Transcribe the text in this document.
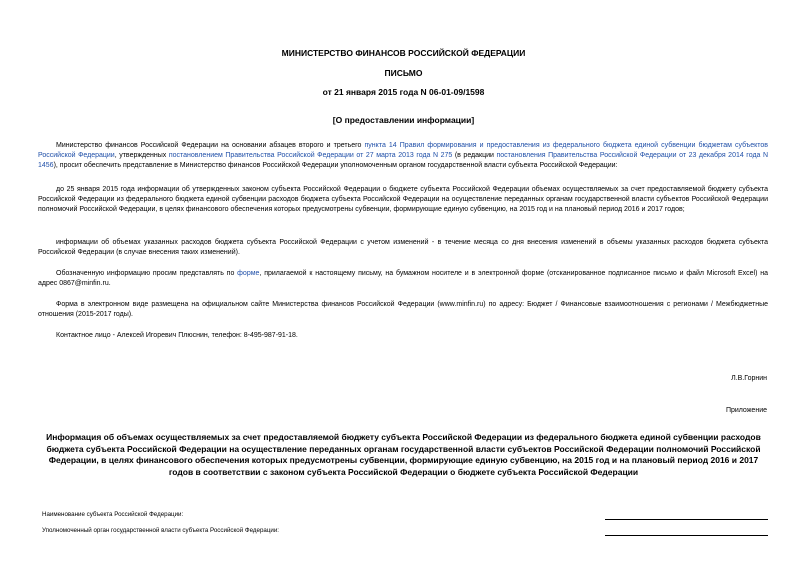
МИНИСТЕРСТВО ФИНАНСОВ РОССИЙСКОЙ ФЕДЕРАЦИИ
ПИСЬМО
от 21 января 2015 года N 06-01-09/1598
[О предоставлении информации]
Министерство финансов Российской Федерации на основании абзацев второго и третьего пункта 14 Правил формирования и предоставления из федерального бюджета единой субвенции бюджетам субъектов Российской Федерации, утвержденных постановлением Правительства Российской Федерации от 27 марта 2013 года N 275 (в редакции постановления Правительства Российской Федерации от 23 декабря 2014 года N 1456), просит обеспечить представление в Министерство финансов Российской Федерации уполномоченным органом государственной власти субъекта Российской Федерации:
до 25 января 2015 года информации об утвержденных законом субъекта Российской Федерации о бюджете субъекта Российской Федерации объемах осуществляемых за счет предоставляемой бюджету субъекта Российской Федерации из федерального бюджета единой субвенции расходов бюджета субъекта Российской Федерации на осуществление переданных органам государственной власти субъектов Российской Федерации полномочий Российской Федерации, в целях финансового обеспечения которых предусмотрены субвенции, формирующие единую субвенцию, на 2015 год и на плановый период 2016 и 2017 годов;
информации об объемах указанных расходов бюджета субъекта Российской Федерации с учетом изменений - в течение месяца со дня внесения изменений в объемы указанных расходов бюджета субъекта Российской Федерации (в случае внесения таких изменений).
Обозначенную информацию просим представлять по форме, прилагаемой к настоящему письму, на бумажном носителе и в электронной форме (отсканированное подписанное письмо и файл Microsoft Excel) на адрес 0867@minfin.ru.
Форма в электронном виде размещена на официальном сайте Министерства финансов Российской Федерации (www.minfin.ru) по адресу: Бюджет / Финансовые взаимоотношения с регионами / Межбюджетные отношения (2015-2017 годы).
Контактное лицо - Алексей Игоревич Плюснин, телефон: 8-495-987-91-18.
Л.В.Горнин
Приложение
Информация об объемах осуществляемых за счет предоставляемой бюджету субъекта Российской Федерации из федерального бюджета единой субвенции расходов бюджета субъекта Российской Федерации на осуществление переданных органам государственной власти субъектов Российской Федерации полномочий Российской Федерации, в целях финансового обеспечения которых предусмотрены субвенции, формирующие единую субвенцию, на 2015 год и на плановый период 2016 и 2017 годов в соответствии с законом субъекта Российской Федерации о бюджете субъекта Российской Федерации
Наименование субъекта Российской Федерации:
Уполномоченный орган государственной власти субъекта Российской Федерации:
